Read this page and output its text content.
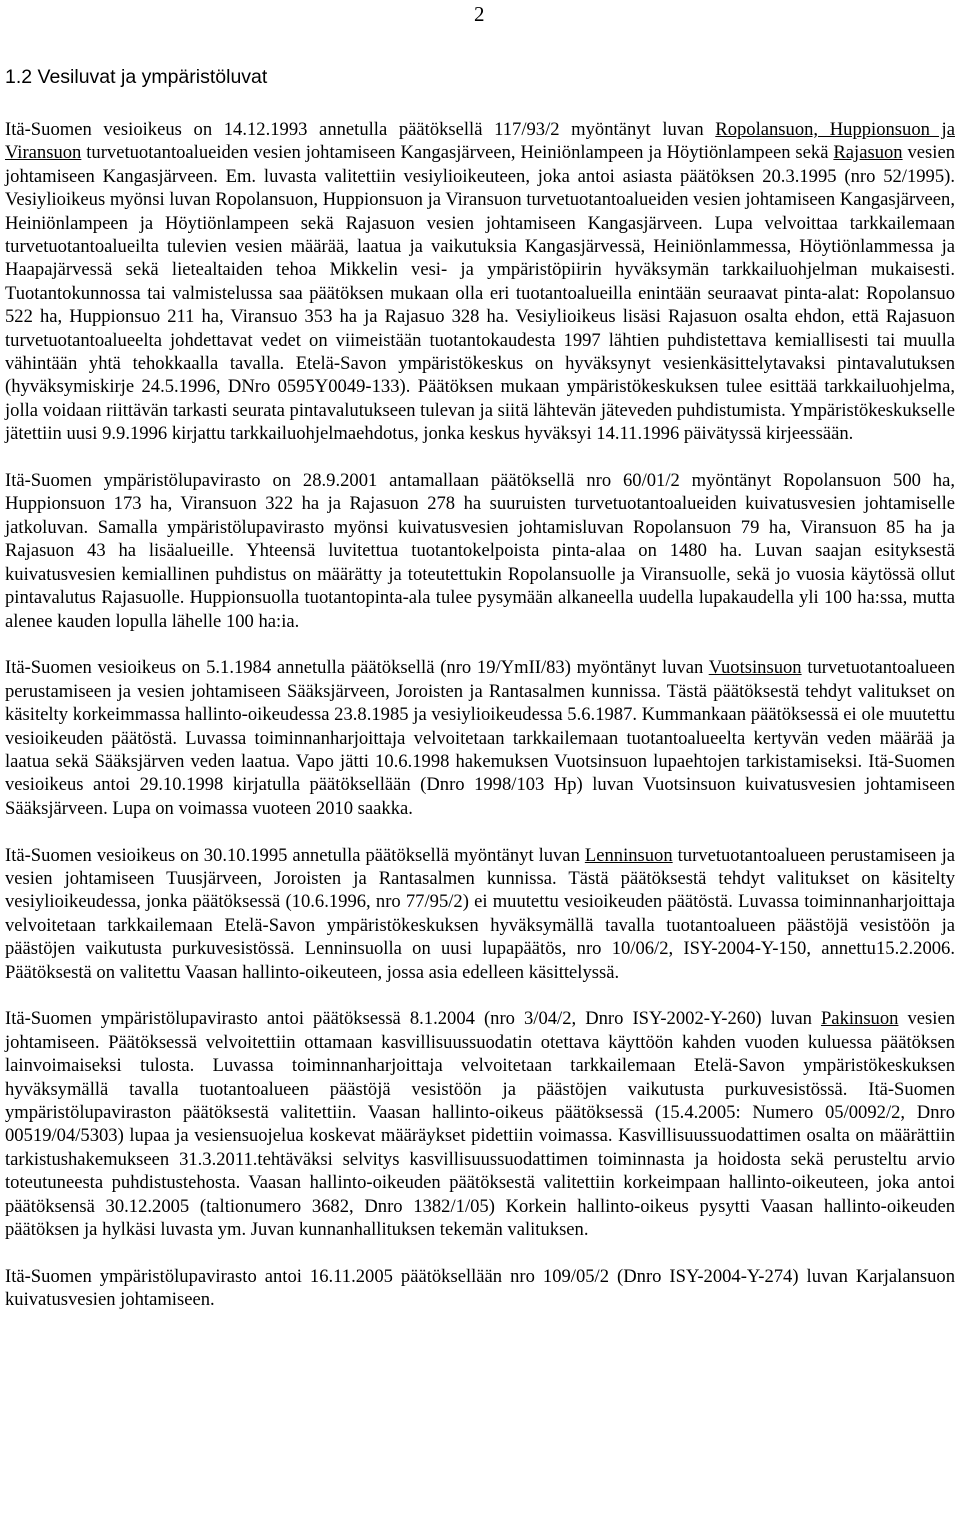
2
1.2 Vesiluvat ja ympäristöluvat

Itä-Suomen vesioikeus on 14.12.1993 annetulla päätöksellä 117/93/2 myöntänyt luvan Ropolansuon, Huppionsuon ja Viransuon turvetuotantoalueiden vesien johtamiseen Kangasjärveen, Heiniönlampeen ja Höytiönlampeen sekä Rajasuon vesien johtamiseen Kangasjärveen. Em. luvasta valitettiin vesiylioikeuteen, joka antoi asiasta päätöksen 20.3.1995 (nro 52/1995). Vesiylioikeus myönsi luvan Ropolansuon, Huppionsuon ja Viransuon turvetuotantoalueiden vesien johtamiseen Kangasjärveen, Heiniönlampeen ja Höytiönlampeen sekä Rajasuon vesien johtamiseen Kangasjärveen. Lupa velvoittaa tarkkailemaan turvetuotantoalueilta tulevien vesien määrää, laatua ja vaikutuksia Kangasjärvessä, Heiniönlammessa, Höytiönlammessa ja Haapajärvessä sekä lietealtaiden tehoa Mikkelin vesi- ja ympäristöpiirin hyväksymän tarkkailuohjelman mukaisesti. Tuotantokunnossa tai valmistelussa saa päätöksen mukaan olla eri tuotantoalueilla enintään seuraavat pinta-alat: Ropolansuo 522 ha, Huppionsuo 211 ha, Viransuo 353 ha ja Rajasuo 328 ha. Vesiylioikeus lisäsi Rajasuon osalta ehdon, että Rajasuon turvetuotantoalueelta johdettavat vedet on viimeistään tuotantokaudesta 1997 lähtien puhdistettava kemiallisesti tai muulla vähintään yhtä tehokkaalla tavalla. Etelä-Savon ympäristökeskus on hyväksynyt vesienkäsittelytavaksi pintavalutuksen (hyväksymiskirje 24.5.1996, DNro 0595Y0049-133). Päätöksen mukaan ympäristökeskuksen tulee esittää tarkkailuohjelma, jolla voidaan riittävän tarkasti seurata pintavalutukseen tulevan ja siitä lähtevän jäteveden puhdistumista. Ympäristökeskukselle jätettiin uusi 9.9.1996 kirjattu tarkkailuohjelmaehdotus, jonka keskus hyväksyi 14.11.1996 päivätyssä kirjeessään.

Itä-Suomen ympäristölupavirasto on 28.9.2001 antamallaan päätöksellä nro 60/01/2 myöntänyt Ropolansuon 500 ha, Huppionsuon 173 ha, Viransuon 322 ha ja Rajasuon 278 ha suuruisten turvetuotantoalueiden kuivatusvesien johtamiselle jatkoluvan. Samalla ympäristölupavirasto myönsi kuivatusvesien johtamisluvan Ropolansuon 79 ha, Viransuon 85 ha ja Rajasuon 43 ha lisäalueille. Yhteensä luvitettua tuotantokelpoista pinta-alaa on 1480 ha. Luvan saajan esityksestä kuivatusvesien kemiallinen puhdistus on määrätty ja toteutettukin Ropolansuolle ja Viransuolle, sekä jo vuosia käytössä ollut pintavalutus Rajasuolle. Huppionsuolla tuotantopinta-ala tulee pysymään alkaneella uudella lupakaudella yli 100 ha:ssa, mutta alenee kauden lopulla lähelle 100 ha:ia.

Itä-Suomen vesioikeus on 5.1.1984 annetulla päätöksellä (nro 19/YmII/83) myöntänyt luvan Vuotsinsuon turvetuotantoalueen perustamiseen ja vesien johtamiseen Sääksjärveen, Joroisten ja Rantasalmen kunnissa. Tästä päätöksestä tehdyt valitukset on käsitelty korkeimmassa hallinto-oikeudessa 23.8.1985 ja vesiylioikeudessa 5.6.1987. Kummankaan päätöksessä ei ole muutettu vesioikeuden päätöstä. Luvassa toiminnanharjoittaja velvoitetaan tarkkailemaan tuotantoalueelta kertyvän veden määrää ja laatua sekä Sääksjärven veden laatua. Vapo jätti 10.6.1998 hakemuksen Vuotsinsuon lupaehtojen tarkistamiseksi. Itä-Suomen vesioikeus antoi 29.10.1998 kirjatulla päätöksellään (Dnro 1998/103 Hp) luvan Vuotsinsuon kuivatusvesien johtamiseen Sääksjärveen. Lupa on voimassa vuoteen 2010 saakka.

Itä-Suomen vesioikeus on 30.10.1995 annetulla päätöksellä myöntänyt luvan Lenninsuon turvetuotantoalueen perustamiseen ja vesien johtamiseen Tuusjärveen, Joroisten ja Rantasalmen kunnissa. Tästä päätöksestä tehdyt valitukset on käsitelty vesiylioikeudessa, jonka päätöksessä (10.6.1996, nro 77/95/2) ei muutettu vesioikeuden päätöstä. Luvassa toiminnanharjoittaja velvoitetaan tarkkailemaan Etelä-Savon ympäristökeskuksen hyväksymällä tavalla tuotantoalueen päästöjä vesistöön ja päästöjen vaikutusta purkuvesistössä. Lenninsuolla on uusi lupapäätös, nro 10/06/2, ISY-2004-Y-150, annettu15.2.2006. Päätöksestä on valitettu Vaasan hallinto-oikeuteen, jossa asia edelleen käsittelyssä.

Itä-Suomen ympäristölupavirasto antoi päätöksessä 8.1.2004 (nro 3/04/2, Dnro ISY-2002-Y-260) luvan Pakinsuon vesien johtamiseen. Päätöksessä velvoitettiin ottamaan kasvillisuussuodatin otettava käyttöön kahden vuoden kuluessa päätöksen lainvoimaiseksi tulosta. Luvassa toiminnanharjoittaja velvoitetaan tarkkailemaan Etelä-Savon ympäristökeskuksen hyväksymällä tavalla tuotantoalueen päästöjä vesistöön ja päästöjen vaikutusta purkuvesistössä. Itä-Suomen ympäristölupaviraston päätöksestä valitettiin. Vaasan hallinto-oikeus päätöksessä (15.4.2005: Numero 05/0092/2, Dnro 00519/04/5303) lupaa ja vesiensuojelua koskevat määräykset pidettiin voimassa. Kasvillisuussuodattimen osalta on määrättiin tarkistushakemukseen 31.3.2011.tehtäväksi selvitys kasvillisuussuodattimen toiminnasta ja hoidosta sekä perusteltu arvio toteutuneesta puhdistustehosta. Vaasan hallinto-oikeuden päätöksestä valitettiin korkeimpaan hallinto-oikeuteen, joka antoi päätöksensä 30.12.2005 (taltionumero 3682, Dnro 1382/1/05) Korkein hallinto-oikeus pysytti Vaasan hallinto-oikeuden päätöksen ja hylkäsi luvasta ym. Juvan kunnanhallituksen tekemän valituksen.

Itä-Suomen ympäristölupavirasto antoi 16.11.2005 päätöksellään nro 109/05/2 (Dnro ISY-2004-Y-274) luvan Karjalansuon kuivatusvesien johtamiseen.
